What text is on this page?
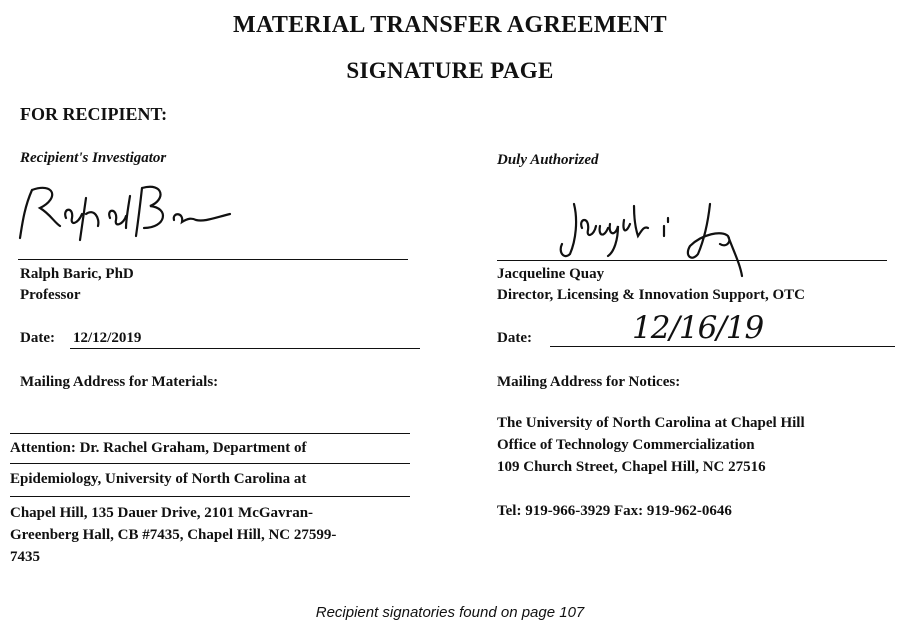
MATERIAL TRANSFER AGREEMENT
SIGNATURE PAGE
FOR RECIPIENT:
Recipient's Investigator
Ralph Baric, PhD
Professor
Date: 12/12/2019
Mailing Address for Materials:
Attention: Dr. Rachel Graham, Department of
Epidemiology, University of North Carolina at
Chapel Hill, 135 Dauer Drive, 2101 McGavran-
Greenberg Hall, CB #7435, Chapel Hill, NC 27599-
7435
Duly Authorized
Jacqueline Quay
Director, Licensing & Innovation Support, OTC
Date:	12/16/19
Mailing Address for Notices:
The University of North Carolina at Chapel Hill
Office of Technology Commercialization
109 Church Street, Chapel Hill, NC 27516
Tel: 919-966-3929 Fax: 919-962-0646
Recipient signatories found on page 107
